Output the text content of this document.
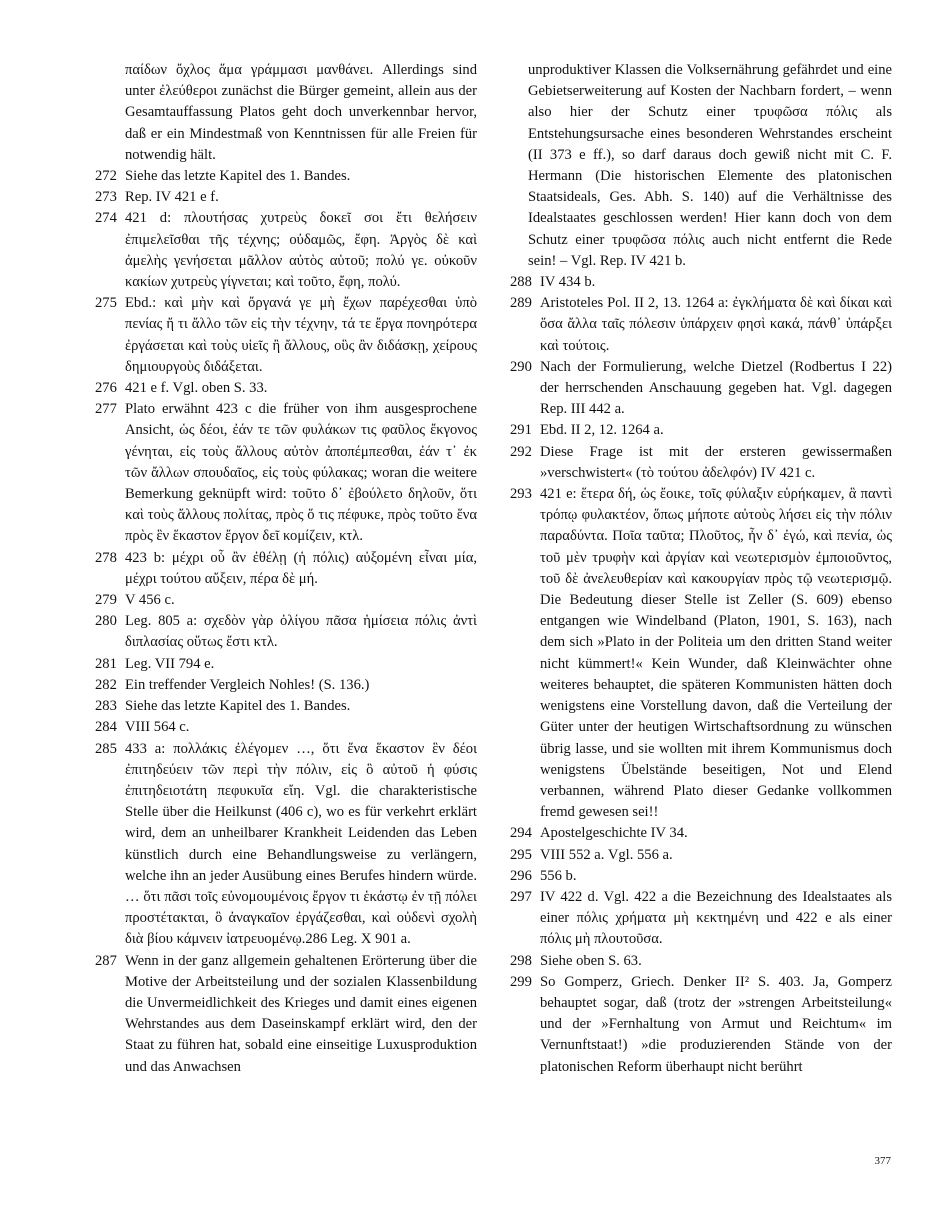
παίδων ὄχλος ἅμα γράμμασι μανθάνει. Allerdings sind unter ἐλεύθεροι zunächst die Bürger gemeint, allein aus der Gesamtauffassung Platos geht doch unverkennbar hervor, daß er ein Mindestmaß von Kenntnissen für alle Freien für notwendig hält.
272 Siehe das letzte Kapitel des 1. Bandes.
273 Rep. IV 421 e f.
274 421 d: πλουτήσας χυτρεὺς δοκεῖ σοι ἔτι θελήσειν ἐπιμελεῖσθαι τῆς τέχνης; οὐδαμῶς, ἔφη. Ἀργὸς δὲ καὶ ἀμελὴς γενήσεται μᾶλλον αὐτὸς αὑτοῦ; πολύ γε. οὐκοῦν κακίων χυτρεὺς γίγνεται; καὶ τοῦτο, ἔφη, πολύ.
275 Ebd.: καὶ μὴν καὶ ὄργανά γε μὴ ἔχων παρέχεσθαι ὑπὸ πενίας ἤ τι ἄλλο τῶν εἰς τὴν τέχνην, τά τε ἔργα πονηρότερα ἐργάσεται καὶ τοὺς υἱεῖς ἢ ἄλλους, οὓς ἂν διδάσκῃ, χείρους δημιουργοὺς διδάξεται.
276 421 e f. Vgl. oben S. 33.
277 Plato erwähnt 423 c die früher von ihm ausgesprochene Ansicht, ὡς δέοι, ἐάν τε τῶν φυλάκων τις φαῦλος ἔκγονος γένηται, εἰς τοὺς ἄλλους αὐτὸν ἀποπέμπεσθαι, ἐάν τ᾽ ἐκ τῶν ἄλλων σπουδαῖος, εἰς τοὺς φύλακας; woran die weitere Bemerkung geknüpft wird: τοῦτο δ᾽ ἐβούλετο δηλοῦν, ὅτι καὶ τοὺς ἄλλους πολίτας, πρὸς ὅ τις πέφυκε, πρὸς τοῦτο ἕνα πρὸς ἓν ἕκαστον ἔργον δεῖ κομίζειν, κτλ.
278 423 b: μέχρι οὗ ἂν ἐθέλῃ (ἡ πόλις) αὐξομένη εἶναι μία, μέχρι τούτου αὔξειν, πέρα δὲ μή.
279 V 456 c.
280 Leg. 805 a: σχεδὸν γὰρ ὀλίγου πᾶσα ἡμίσεια πόλις ἀντὶ διπλασίας οὕτως ἔστι κτλ.
281 Leg. VII 794 e.
282 Ein treffender Vergleich Nohles! (S. 136.)
283 Siehe das letzte Kapitel des 1. Bandes.
284 VIII 564 c.
285 433 a: πολλάκις ἐλέγομεν …, ὅτι ἕνα ἕκαστον ἓν δέοι ἐπιτηδεύειν τῶν περὶ τὴν πόλιν, εἰς ὃ αὐτοῦ ἡ φύσις ἐπιτηδειοτάτη πεφυκυῖα εἴη. Vgl. die charakteristische Stelle über die Heilkunst (406 c), wo es für verkehrt erklärt wird, dem an unheilbarer Krankheit Leidenden das Leben künstlich durch eine Behandlungsweise zu verlängern, welche ihn an jeder Ausübung eines Berufes hindern würde. … ὅτι πᾶσι τοῖς εὐνομουμένοις ἔργον τι ἑκάστῳ ἐν τῇ πόλει προστέτακται, ὃ ἀναγκαῖον ἐργάζεσθαι, καὶ οὐδενὶ σχολὴ διὰ βίου κάμνειν ἰατρευομένῳ.286 Leg. X 901 a.
287 Wenn in der ganz allgemein gehaltenen Erörterung über die Motive der Arbeitsteilung und der sozialen Klassenbildung die Unvermeidlichkeit des Krieges und damit eines eigenen Wehrstandes aus dem Daseinskampf erklärt wird, den der Staat zu führen hat, sobald eine einseitige Luxusproduktion und das Anwachsen
unproduktiver Klassen die Volksernährung gefährdet und eine Gebietserweiterung auf Kosten der Nachbarn fordert, – wenn also hier der Schutz einer τρυφῶσα πόλις als Entstehungsursache eines besonderen Wehrstandes erscheint (II 373 e ff.), so darf daraus doch gewiß nicht mit C. F. Hermann (Die historischen Elemente des platonischen Staatsideals, Ges. Abh. S. 140) auf die Verhältnisse des Idealstaates geschlossen werden! Hier kann doch von dem Schutz einer τρυφῶσα πόλις auch nicht entfernt die Rede sein! – Vgl. Rep. IV 421 b.
288 IV 434 b.
289 Aristoteles Pol. II 2, 13. 1264 a: ἐγκλήματα δὲ καὶ δίκαι καὶ ὅσα ἄλλα ταῖς πόλεσιν ὑπάρχειν φησὶ κακά, πάνθ᾽ ὑπάρξει καὶ τούτοις.
290 Nach der Formulierung, welche Dietzel (Rodbertus I 22) der herrschenden Anschauung gegeben hat. Vgl. dagegen Rep. III 442 a.
291 Ebd. II 2, 12. 1264 a.
292 Diese Frage ist mit der ersteren gewissermaßen »verschwistert« (τὸ τούτου ἀδελφόν) IV 421 c.
293 421 e: ἕτερα δή, ὡς ἔοικε, τοῖς φύλαξιν εὑρήκαμεν, ἃ παντὶ τρόπῳ φυλακτέον, ὅπως μήποτε αὐτοὺς λήσει εἰς τὴν πόλιν παραδύντα. Ποῖα ταῦτα; Πλοῦτος, ἦν δ᾽ ἐγώ, καὶ πενία, ὡς τοῦ μὲν τρυφὴν καὶ ἀργίαν καὶ νεωτερισμὸν ἐμποιοῦντος, τοῦ δὲ ἀνελευθερίαν καὶ κακουργίαν πρὸς τῷ νεωτερισμῷ. Die Bedeutung dieser Stelle ist Zeller (S. 609) ebenso entgangen wie Windelband (Platon, 1901, S. 163), nach dem sich »Plato in der Politeia um den dritten Stand weiter nicht kümmert!« Kein Wunder, daß Kleinwächter ohne weiteres behauptet, die späteren Kommunisten hätten doch wenigstens eine Vorstellung davon, daß die Verteilung der Güter unter der heutigen Wirtschaftsordnung zu wünschen übrig lasse, und sie wollten mit ihrem Kommunismus doch wenigstens Übelstände beseitigen, Not und Elend verbannen, während Plato dieser Gedanke vollkommen fremd gewesen sei!!
294 Apostelgeschichte IV 34.
295 VIII 552 a. Vgl. 556 a.
296 556 b.
297 IV 422 d. Vgl. 422 a die Bezeichnung des Idealstaates als einer πόλις χρήματα μὴ κεκτημένη und 422 e als einer πόλις μὴ πλουτοῦσα.
298 Siehe oben S. 63.
299 So Gomperz, Griech. Denker II² S. 403. Ja, Gomperz behauptet sogar, daß (trotz der »strengen Arbeitsteilung« und der »Fernhaltung von Armut und Reichtum« im Vernunftstaat!) »die produzierenden Stände von der platonischen Reform überhaupt nicht berührt
377
